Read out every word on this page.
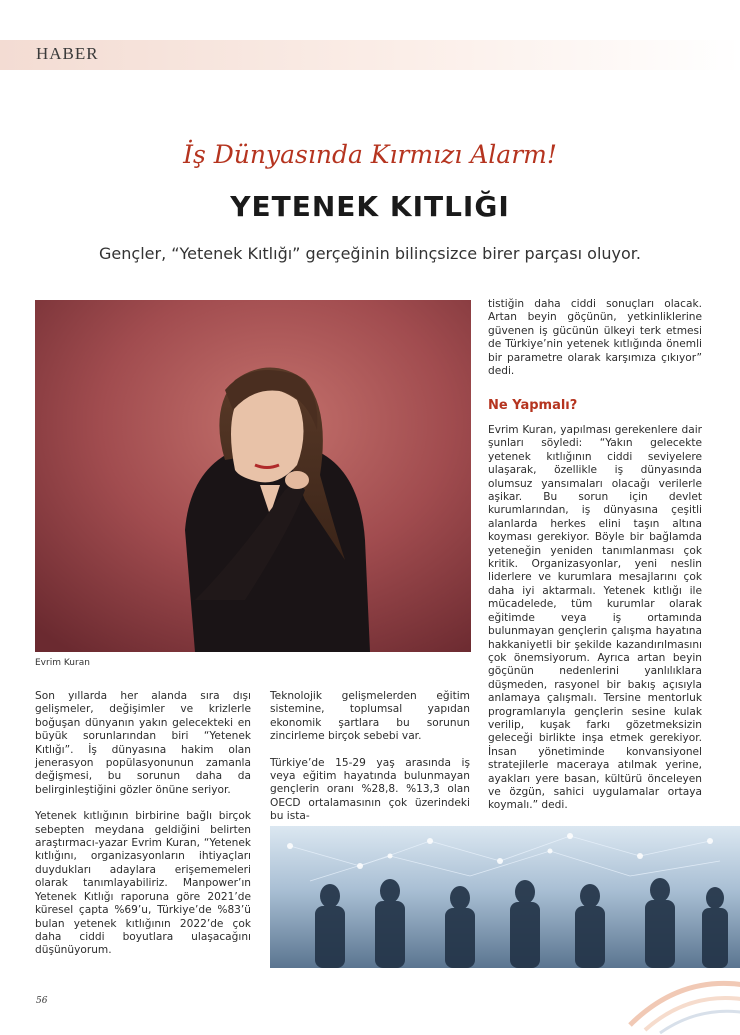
HABER
İş Dünyasında Kırmızı Alarm!
YETENEK KITLIĞI
Gençler, “Yetenek Kıtlığı” gerçeğinin bilinçsizce birer parçası oluyor.
Evrim Kuran

Son yıllarda her alanda sıra dışı gelişmeler, değişimler ve krizlerle boğuşan dünyanın yakın gelecekteki en büyük sorunlarından biri “Yetenek Kıtlığı”. İş dünyasına hakim olan jenerasyon popülasyonunun zamanla değişmesi, bu sorunun daha da belirginleştiğini gözler önüne seriyor.

Yetenek kıtlığının birbirine bağlı birçok sebepten meydana geldiğini belirten araştırmacı-yazar Evrim Kuran, “Yetenek kıtlığını, organizasyonların ihtiyaçları duydukları adaylara erişememeleri olarak tanımlayabiliriz. Manpower’ın Yetenek Kıtlığı raporuna göre 2021’de küresel çapta %69’u, Türkiye’de %83’ü bulan yetenek kıtlığının 2022’de çok daha ciddi boyutlara ulaşacağını düşünüyorum.

Teknolojik gelişmelerden eğitim sistemine, toplumsal yapıdan ekonomik şartlara bu sorunun zincirleme birçok sebebi var.

Türkiye’de 15-29 yaş arasında iş veya eğitim hayatında bulunmayan gençlerin oranı %28,8. %13,3 olan OECD ortalamasının çok üzerindeki bu ista-

tistiğin daha ciddi sonuçları olacak. Artan beyin göçünün, yetkinliklerine güvenen iş gücünün ülkeyi terk etmesi de Türkiye’nin yetenek kıtlığında önemli bir parametre olarak karşımıza çıkıyor” dedi.

Ne Yapmalı?

Evrim Kuran, yapılması gerekenlere dair şunları söyledi: “Yakın gelecekte yetenek kıtlığının ciddi seviyelere ulaşarak, özellikle iş dünyasında olumsuz yansımaları olacağı verilerle aşikar. Bu sorun için devlet kurumlarından, iş dünyasına çeşitli alanlarda herkes elini taşın altına koyması gerekiyor. Böyle bir bağlamda yeteneğin yeniden tanımlanması çok kritik. Organizasyonlar, yeni neslin liderlere ve kurumlara mesajlarını çok daha iyi aktarmalı. Yetenek kıtlığı ile mücadelede, tüm kurumlar olarak eğitimde veya iş ortamında bulunmayan gençlerin çalışma hayatına hakkaniyetli bir şekilde kazandırılmasını çok önemsiyorum. Ayrıca artan beyin göçünün nedenlerini yanlılıklara düşmeden, rasyonel bir bakış açısıyla anlamaya çalışmalı. Tersine mentorluk programlarıyla gençlerin sesine kulak verilip, kuşak farkı gözetmeksizin geleceği birlikte inşa etmek gerekiyor. İnsan yönetiminde konvansiyonel stratejilerle maceraya atılmak yerine, ayakları yere basan, kültürü önceleyen ve özgün, sahici uygulamalar ortaya koymalı.” dedi.

56
